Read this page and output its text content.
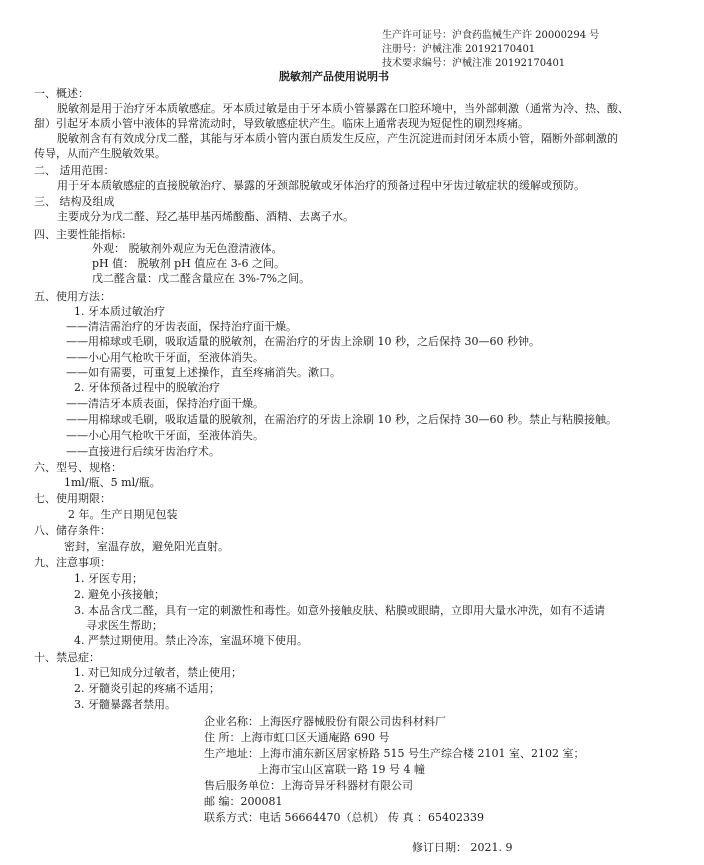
生产许可证号：沪食药监械生产许 20000294 号
注册号：沪械注准 20192170401
技术要求编号：沪械注准 20192170401
脱敏剂产品使用说明书
一、概述：
脱敏剂是用于治疗牙本质敏感症。牙本质过敏是由于牙本质小管暴露在口腔环境中，当外部刺激（通常为冷、热、酸、
甜）引起牙本质小管中液体的异常流动时，导致敏感症状产生。临床上通常表现为短促性的刷烈疼痛。
脱敏剂含有有效成分戊二醛，其能与牙本质小管内蛋白质发生反应，产生沉淀进而封闭牙本质小管，隔断外部刺激的
传导，从而产生脱敏效果。
二、 适用范围：
用于牙本质敏感症的直接脱敏治疗、暴露的牙颈部脱敏或牙体治疗的预备过程中牙齿过敏症状的缓解或预防。
三、 结构及组成
主要成分为戊二醛、羟乙基甲基丙烯酸酯、酒精、去离子水。
四、主要性能指标:
外观： 脱敏剂外观应为无色澄清液体。
pH 值： 脱敏剂 pH 值应在 3-6 之间。
戊二醛含量：戊二醛含量应在 3%-7%之间。
五、使用方法：
1. 牙本质过敏治疗
——清洁需治疗的牙齿表面，保持治疗面干燥。
——用棉球或毛刷，吸取适量的脱敏剂，在需治疗的牙齿上涂刷 10 秒，之后保持 30—60 秒钟。
——小心用气枪吹干牙面，至液体消失。
——如有需要，可重复上述操作，直至疼痛消失。漱口。
2. 牙体预备过程中的脱敏治疗
——清洁牙本质表面，保持治疗面干燥。
——用棉球或毛刷，吸取适量的脱敏剂，在需治疗的牙齿上涂刷 10 秒，之后保持 30—60 秒。禁止与粘膜接触。
——小心用气枪吹干牙面，至液体消失。
——直接进行后续牙齿治疗术。
六、型号、规格：
1ml/瓶、5 ml/瓶。
七、使用期限：
2 年。生产日期见包装
八、储存条件：
密封，室温存放，避免阳光直射。
九、注意事项：
1. 牙医专用；
2. 避免小孩接触；
3. 本品含戊二醛，具有一定的刺激性和毒性。如意外接触皮肤、粘膜或眼睛，立即用大量水冲洗，如有不适请
寻求医生帮助；
4. 严禁过期使用。禁止冷冻，室温环境下使用。
十、禁忌症：
1. 对已知成分过敏者，禁止使用；
2. 牙髓炎引起的疼痛不适用；
3. 牙髓暴露者禁用。
企业名称：上海医疗器械股份有限公司齿科材料厂
住 所：上海市虹口区天通庵路 690 号
生产地址：上海市浦东新区居家桥路 515 号生产综合楼 2101 室、2102 室；
上海市宝山区富联一路 19 号 4 幢
售后服务单位：上海奇异牙科器材有限公司
邮 编：200081
联系方式：电话 56664470（总机） 传 真 ：65402339
修订日期： 2021. 9
